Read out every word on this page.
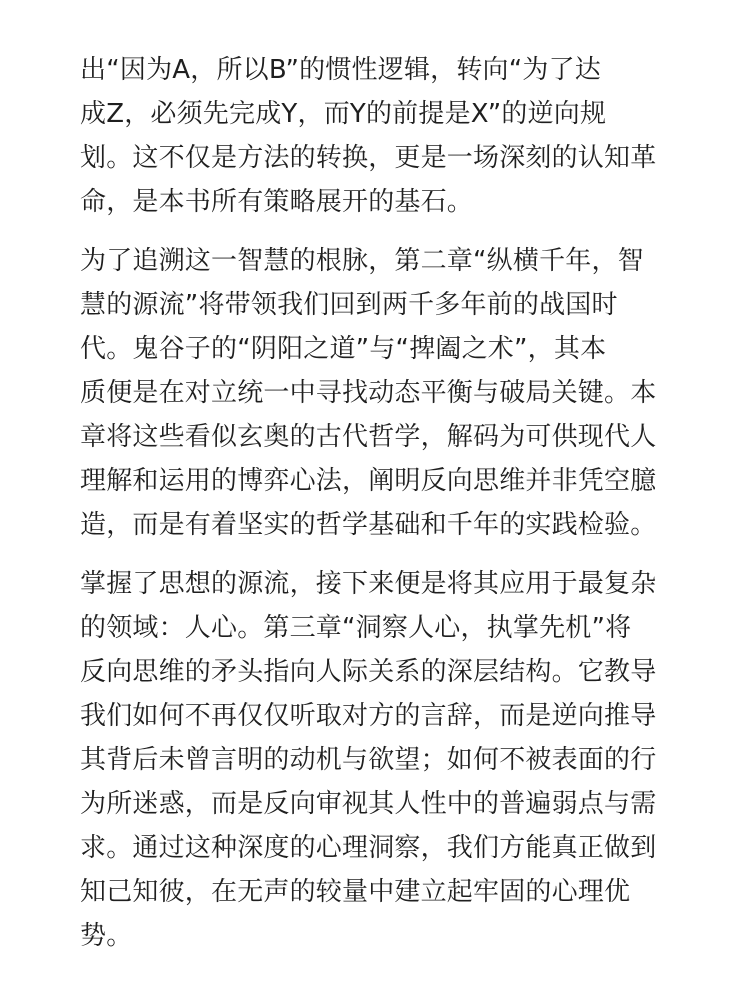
出“因为A，所以B”的惯性逻辑，转向“为了达
成Z，必须先完成Y，而Y的前提是X”的逆向规
划。这不仅是方法的转换，更是一场深刻的认知革
命，是本书所有策略展开的基石。
为了追溯这一智慧的根脉，第二章“纵横千年，智
慧的源流”将带领我们回到两千多年前的战国时
代。鬼谷子的“阴阳之道”与“捭阖之术”，其本
质便是在对立统一中寻找动态平衡与破局关键。本
章将这些看似玄奥的古代哲学，解码为可供现代人
理解和运用的博弈心法，阐明反向思维并非凭空臆
造，而是有着坚实的哲学基础和千年的实践检验。
掌握了思想的源流，接下来便是将其应用于最复杂
的领域：人心。第三章“洞察人心，执掌先机”将
反向思维的矛头指向人际关系的深层结构。它教导
我们如何不再仅仅听取对方的言辞，而是逆向推导
其背后未曾言明的动机与欲望；如何不被表面的行
为所迷惑，而是反向审视其人性中的普遍弱点与需
求。通过这种深度的心理洞察，我们方能真正做到
知己知彼，在无声的较量中建立起牢固的心理优
势。
